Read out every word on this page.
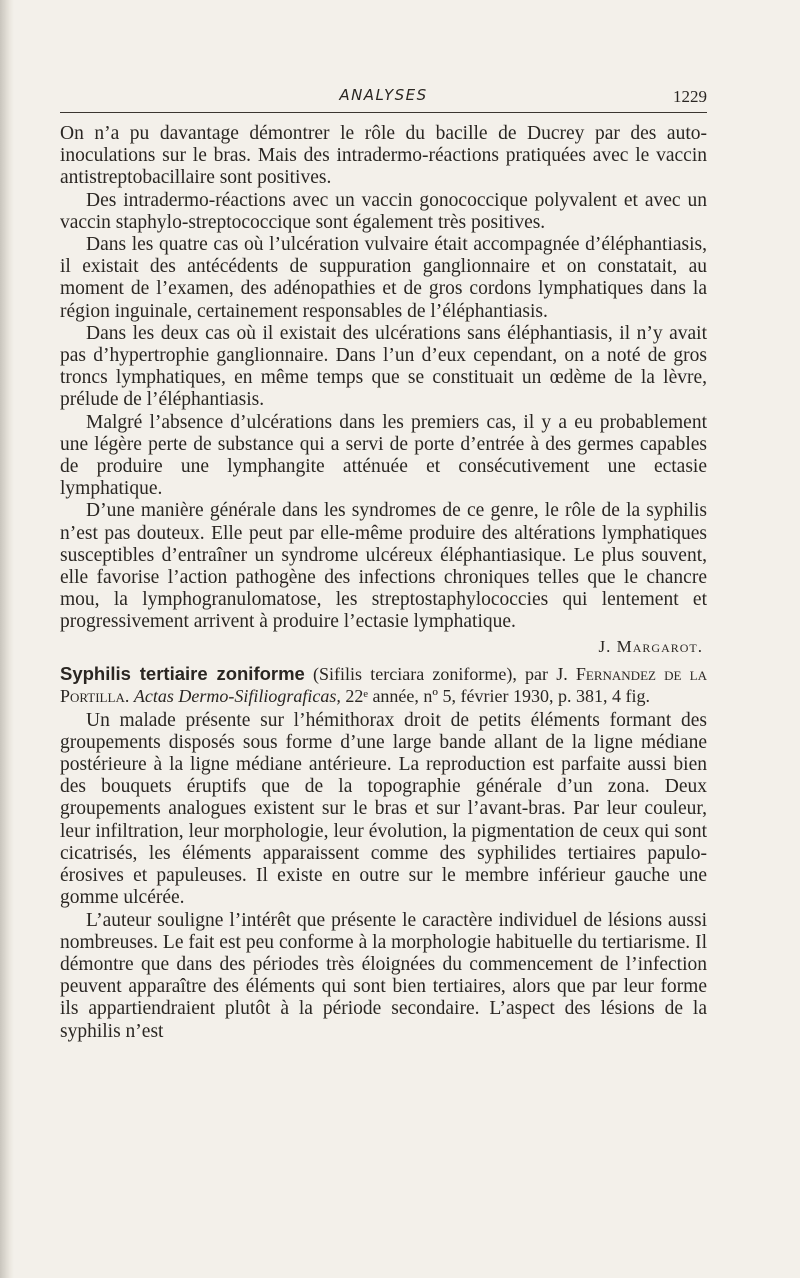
ANALYSES	1229

On n’a pu davantage démontrer le rôle du bacille de Ducrey par des auto-inoculations sur le bras. Mais des intradermo-réactions pratiquées avec le vaccin antistreptobacillaire sont positives.

Des intradermo-réactions avec un vaccin gonococcique polyvalent et avec un vaccin staphylo-streptococcique sont également très positives.

Dans les quatre cas où l’ulcération vulvaire était accompagnée d’éléphantiasis, il existait des antécédents de suppuration ganglionnaire et on constatait, au moment de l’examen, des adénopathies et de gros cordons lymphatiques dans la région inguinale, certainement responsables de l’éléphantiasis.

Dans les deux cas où il existait des ulcérations sans éléphantiasis, il n’y avait pas d’hypertrophie ganglionnaire. Dans l’un d’eux cependant, on a noté de gros troncs lymphatiques, en même temps que se constituait un œdème de la lèvre, prélude de l’éléphantiasis.

Malgré l’absence d’ulcérations dans les premiers cas, il y a eu probablement une légère perte de substance qui a servi de porte d’entrée à des germes capables de produire une lymphangite atténuée et consécutivement une ectasie lymphatique.

D’une manière générale dans les syndromes de ce genre, le rôle de la syphilis n’est pas douteux. Elle peut par elle-même produire des altérations lymphatiques susceptibles d’entraîner un syndrome ulcéreux éléphantiasique. Le plus souvent, elle favorise l’action pathogène des infections chroniques telles que le chancre mou, la lymphogranulomatose, les streptostaphylococcies qui lentement et progressivement arrivent à produire l’ectasie lymphatique.

J. Margarot.
Syphilis tertiaire zoniforme (Sifilis terciara zoniforme), par J. Fernandez de la Portilla. Actas Dermo-Sifiliograficas, 22ᵉ année, nº 5, février 1930, p. 381, 4 fig.

Un malade présente sur l’hémithorax droit de petits éléments formant des groupements disposés sous forme d’une large bande allant de la ligne médiane postérieure à la ligne médiane antérieure. La reproduction est parfaite aussi bien des bouquets éruptifs que de la topographie générale d’un zona. Deux groupements analogues existent sur le bras et sur l’avant-bras. Par leur couleur, leur infiltration, leur morphologie, leur évolution, la pigmentation de ceux qui sont cicatrisés, les éléments apparaissent comme des syphilides tertiaires papulo-érosives et papuleuses. Il existe en outre sur le membre inférieur gauche une gomme ulcérée.

L’auteur souligne l’intérêt que présente le caractère individuel de lésions aussi nombreuses. Le fait est peu conforme à la morphologie habituelle du tertiarisme. Il démontre que dans des périodes très éloignées du commencement de l’infection peuvent apparaître des éléments qui sont bien tertiaires, alors que par leur forme ils appartiendraient plutôt à la période secondaire. L’aspect des lésions de la syphilis n’est
